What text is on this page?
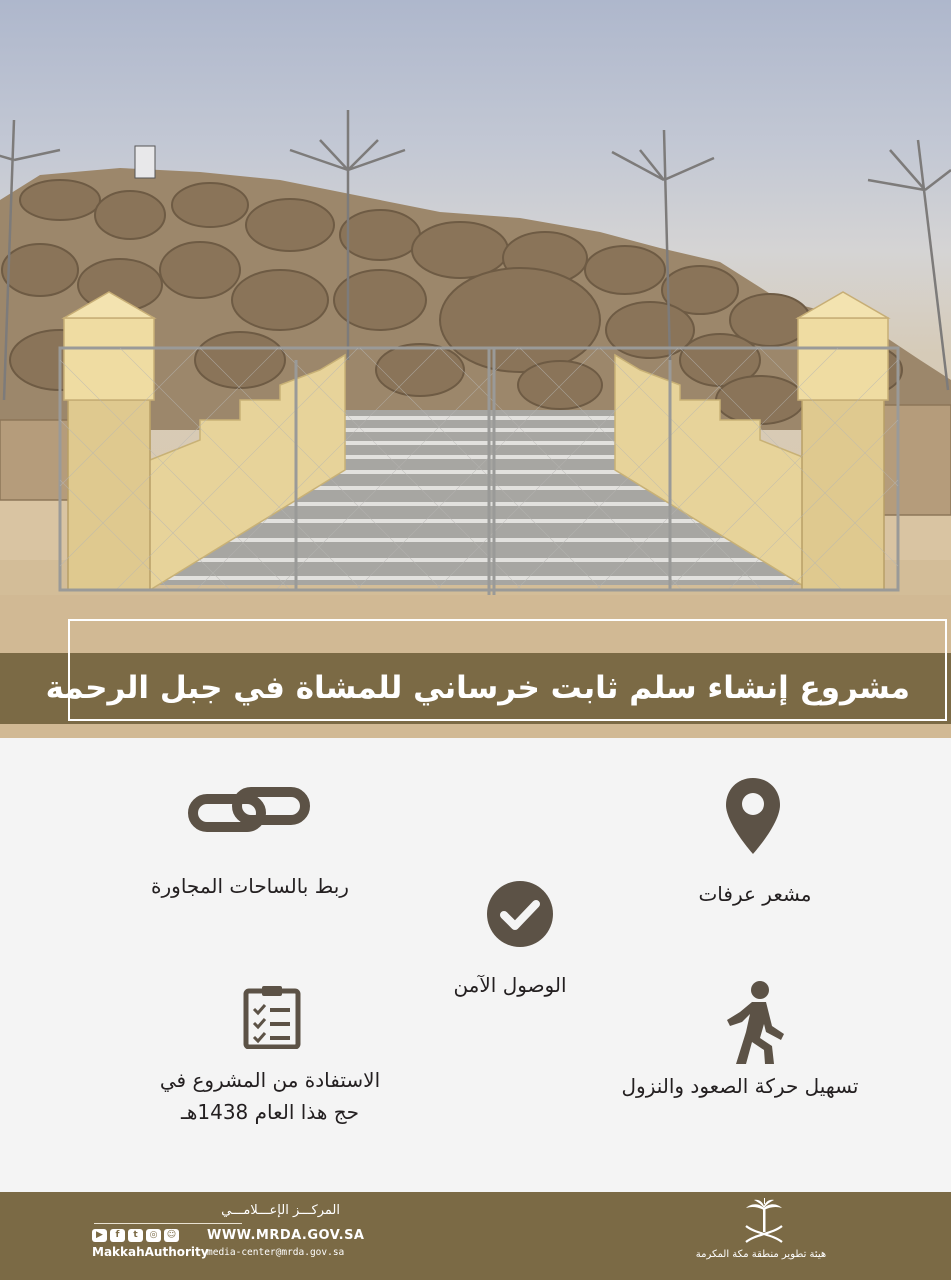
مشروع إنشاء سلم ثابت خرساني للمشاة في جبل الرحمة
مشعر عرفات
ربط بالساحات المجاورة
الوصول الآمن
تسهيل حركة الصعود والنزول
الاستفادة من المشروع في
حج هذا العام 1438هـ
المركـــز الإعـــلامـــي
▶	f	t	◎	☺
MakkahAuthority
WWW.MRDA.GOV.SA
media-center@mrda.gov.sa	هيئة تطوير منطقة مكة المكرمة
